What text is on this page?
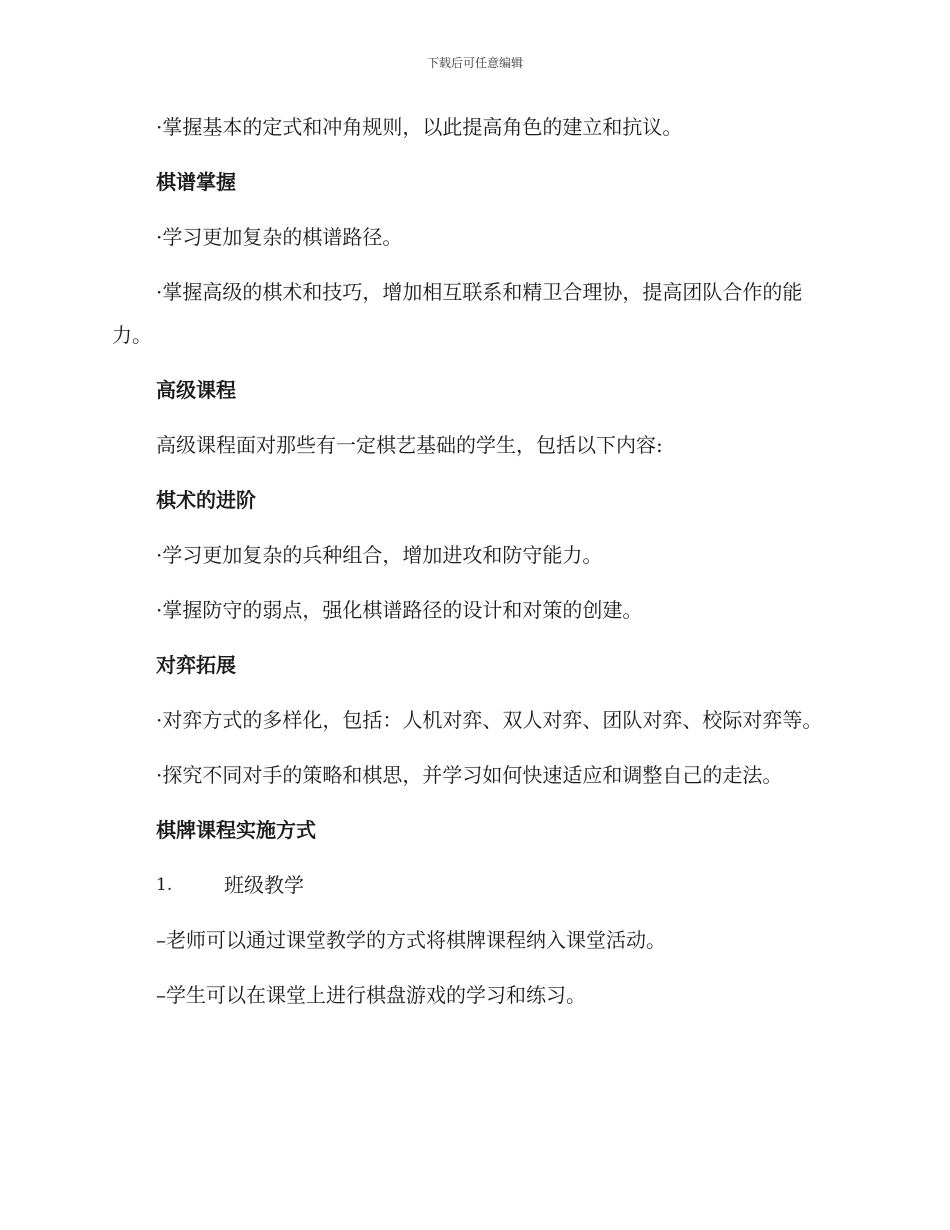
下载后可任意编辑

·掌握基本的定式和冲角规则，以此提高角色的建立和抗议。

棋谱掌握

·学习更加复杂的棋谱路径。

·掌握高级的棋术和技巧，增加相互联系和精卫合理协，提高团队合作的能力。

高级课程

高级课程面对那些有一定棋艺基础的学生，包括以下内容:

棋术的进阶

·学习更加复杂的兵种组合，增加进攻和防守能力。

·掌握防守的弱点，强化棋谱路径的设计和对策的创建。

对弈拓展

·对弈方式的多样化，包括：人机对弈、双人对弈、团队对弈、校际对弈等。

·探究不同对手的策略和棋思，并学习如何快速适应和调整自己的走法。

棋牌课程实施方式

1.	班级教学

–老师可以通过课堂教学的方式将棋牌课程纳入课堂活动。

–学生可以在课堂上进行棋盘游戏的学习和练习。
